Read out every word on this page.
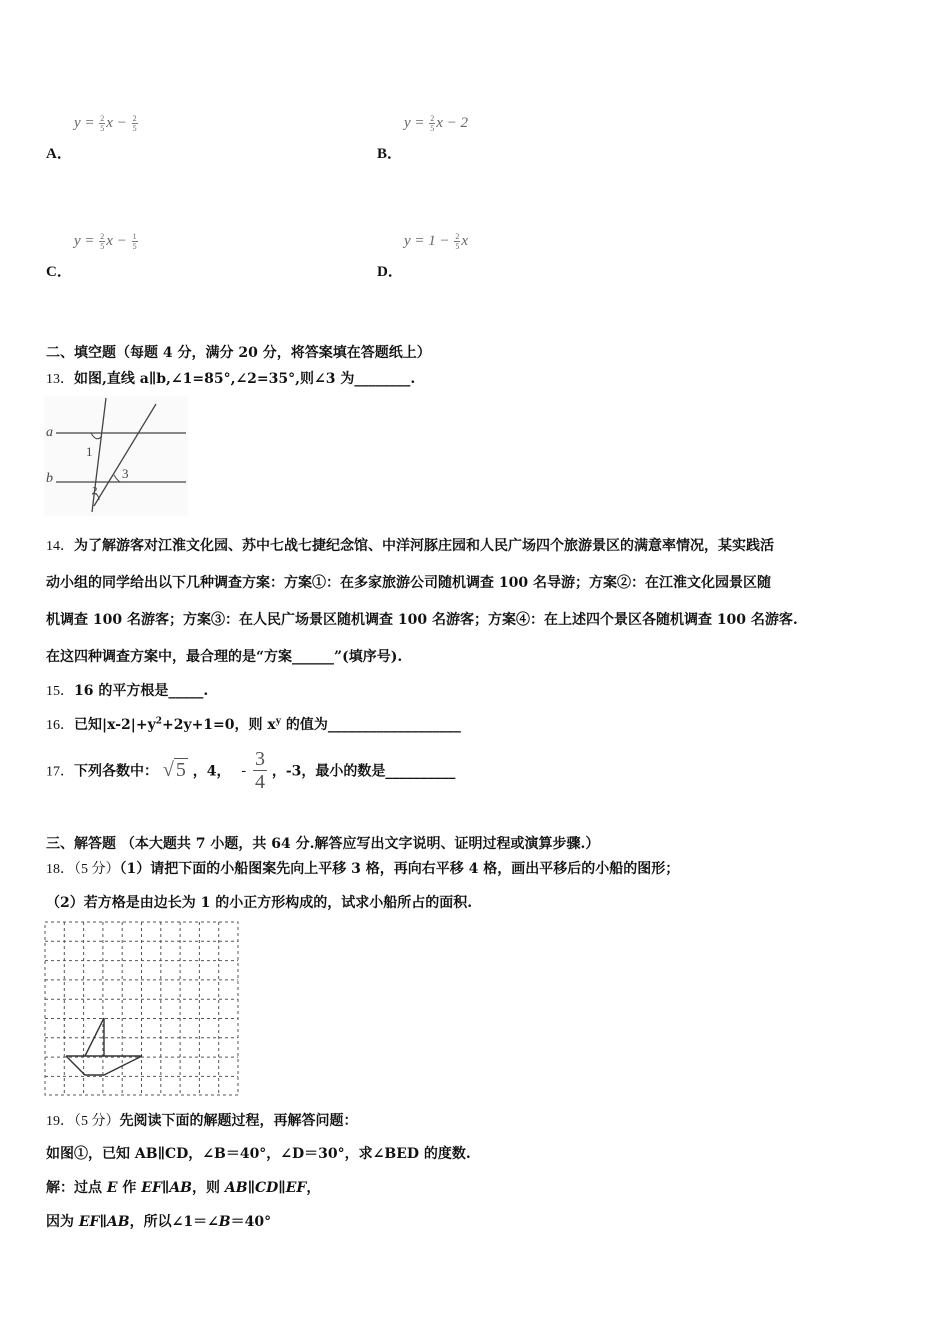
$y = \frac{2}{5}$ $x - \frac{2}{5}$
A．
$y = \frac{2}{5}$ x − 2
B．
$y = \frac{2}{5}$ $x - \frac{1}{5}$
C．
$y = 1 - \frac{2}{5}$ x
D．
二、填空题（每题 4 分，满分 20 分，将答案填在答题纸上）
13．如图,直线 a∥b,∠1=85°,∠2=35°,则∠3 为________.
a
b
1
2
3
14．为了解游客对江淮文化园、苏中七战七捷纪念馆、中洋河豚庄园和人民广场四个旅游景区的满意率情况，某实践活
动小组的同学给出以下几种调查方案：方案①：在多家旅游公司随机调查 100 名导游；方案②：在江淮文化园景区随
机调查 100 名游客；方案③：在人民广场景区随机调查 100 名游客；方案④：在上述四个景区各随机调查 100 名游客.
在这四种调查方案中，最合理的是“方案______”(填序号).
15．16 的平方根是_____.
16．已知$|x-2|+y^2+2y+1=0$，则 $x^y$ 的值为___________________
17．下列各数中： √ 5 ，4， - $\frac{3}{4}$ ，-3，最小的数是__________
三、解答题 （本大题共 7 小题，共 64 分.解答应写出文字说明、证明过程或演算步骤.）
18．（5 分）（1）请把下面的小船图案先向上平移 3 格，再向右平移 4 格，画出平移后的小船的图形；
（2）若方格是由边长为 1 的小正方形构成的，试求小船所占的面积.
19．（5 分）先阅读下面的解题过程，再解答问题：
如图①，已知 AB∥CD，∠B＝40°，∠D＝30°，求∠BED 的度数.
解：过点 E 作 EF∥AB，则 AB∥CD∥EF，
因为 EF∥AB，所以∠1＝∠B＝40°
